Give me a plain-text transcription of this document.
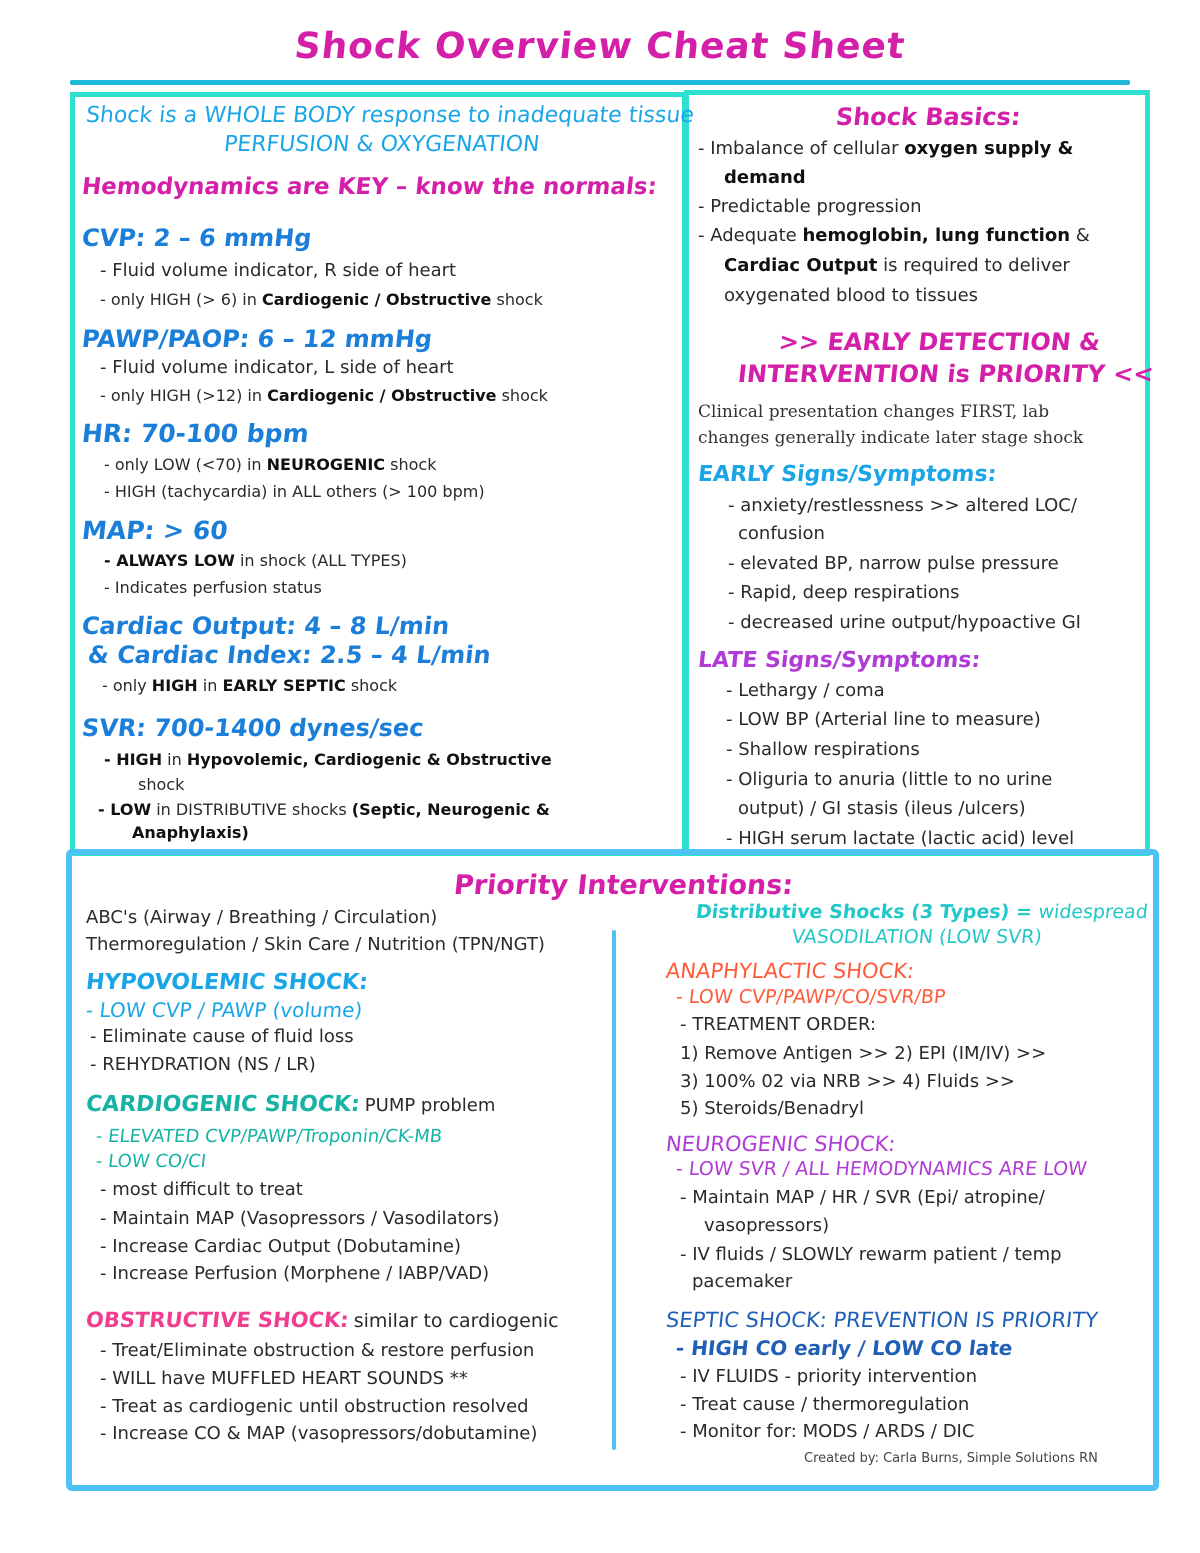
Shock Overview Cheat Sheet
Shock is a WHOLE BODY response to inadequate tissue
PERFUSION & OXYGENATION
Hemodynamics are KEY – know the normals:
CVP: 2 – 6 mmHg
- Fluid volume indicator, R side of heart
- only HIGH (> 6) in Cardiogenic / Obstructive shock
PAWP/PAOP: 6 – 12 mmHg
- Fluid volume indicator, L side of heart
- only HIGH (>12) in Cardiogenic / Obstructive shock
HR: 70-100 bpm
- only LOW (<70) in NEUROGENIC shock
- HIGH (tachycardia) in ALL others (> 100 bpm)
MAP: > 60
- ALWAYS LOW in shock (ALL TYPES)
- Indicates perfusion status
Cardiac Output: 4 – 8 L/min
& Cardiac Index: 2.5 – 4 L/min
- only HIGH in EARLY SEPTIC shock
SVR: 700-1400 dynes/sec
- HIGH in Hypovolemic, Cardiogenic & Obstructive
shock
- LOW in DISTRIBUTIVE shocks (Septic, Neurogenic &
Anaphylaxis)
Shock Basics:
- Imbalance of cellular oxygen supply &
demand
- Predictable progression
- Adequate hemoglobin, lung function &
Cardiac Output is required to deliver
oxygenated blood to tissues
>> EARLY DETECTION &
INTERVENTION is PRIORITY <<
Clinical presentation changes FIRST, lab
changes generally indicate later stage shock
EARLY Signs/Symptoms:
- anxiety/restlessness >> altered LOC/
confusion
- elevated BP, narrow pulse pressure
- Rapid, deep respirations
- decreased urine output/hypoactive GI
LATE Signs/Symptoms:
- Lethargy / coma
- LOW BP (Arterial line to measure)
- Shallow respirations
- Oliguria to anuria (little to no urine
output) / GI stasis (ileus /ulcers)
- HIGH serum lactate (lactic acid) level
Priority Interventions:
ABC's (Airway / Breathing / Circulation)
Thermoregulation / Skin Care / Nutrition (TPN/NGT)
HYPOVOLEMIC SHOCK:
- LOW CVP / PAWP (volume)
- Eliminate cause of fluid loss
- REHYDRATION (NS / LR)
CARDIOGENIC SHOCK: PUMP problem
- ELEVATED CVP/PAWP/Troponin/CK-MB
- LOW CO/CI
- most difficult to treat
- Maintain MAP (Vasopressors / Vasodilators)
- Increase Cardiac Output (Dobutamine)
- Increase Perfusion (Morphene / IABP/VAD)
OBSTRUCTIVE SHOCK: similar to cardiogenic
- Treat/Eliminate obstruction & restore perfusion
- WILL have MUFFLED HEART SOUNDS **
- Treat as cardiogenic until obstruction resolved
- Increase CO & MAP (vasopressors/dobutamine)
Distributive Shocks (3 Types) = widespread
VASODILATION (LOW SVR)
ANAPHYLACTIC SHOCK:
- LOW CVP/PAWP/CO/SVR/BP
- TREATMENT ORDER:
1) Remove Antigen >> 2) EPI (IM/IV) >>
3) 100% 02 via NRB >> 4) Fluids >>
5) Steroids/Benadryl
NEUROGENIC SHOCK:
- LOW SVR / ALL HEMODYNAMICS ARE LOW
- Maintain MAP / HR / SVR (Epi/ atropine/
vasopressors)
- IV fluids / SLOWLY rewarm patient / temp
pacemaker
SEPTIC SHOCK: PREVENTION IS PRIORITY
- HIGH CO early / LOW CO late
- IV FLUIDS - priority intervention
- Treat cause / thermoregulation
- Monitor for: MODS / ARDS / DIC
Created by: Carla Burns, Simple Solutions RN
